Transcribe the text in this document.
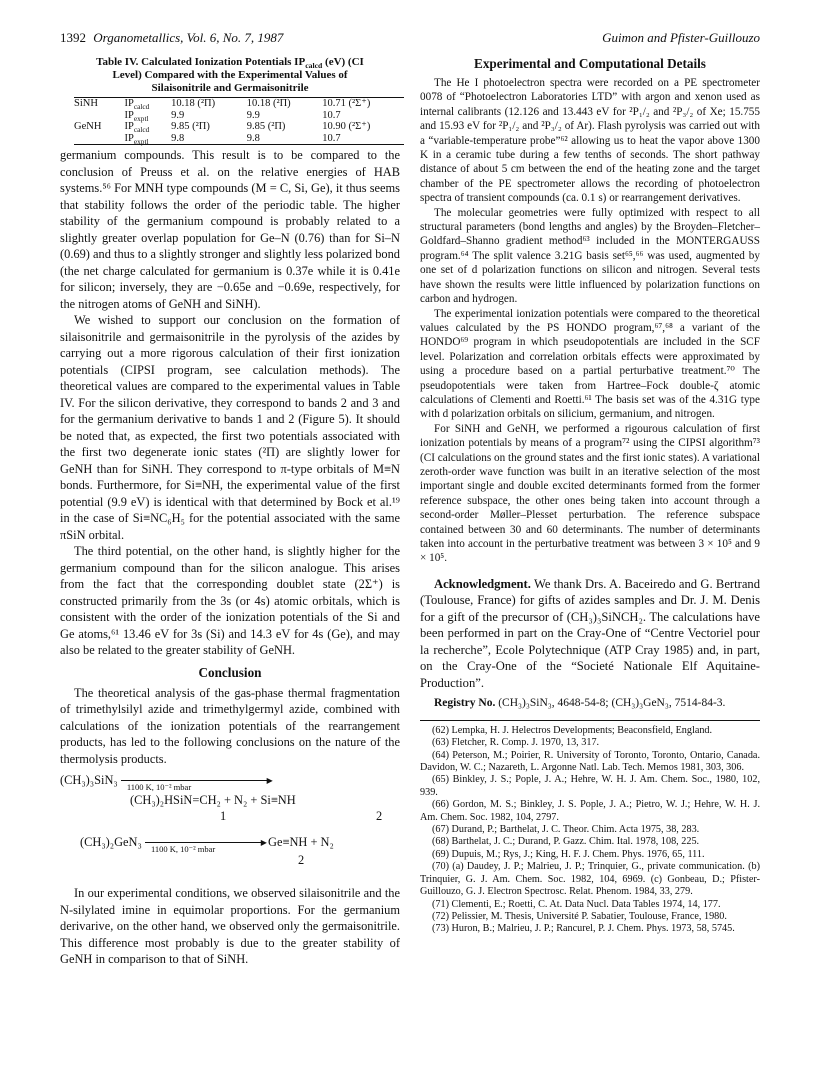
1392 Organometallics, Vol. 6, No. 7, 1987	Guimon and Pfister-Guillouzo
Table IV. Calculated Ionization Potentials $IP_{calcd}$ (eV) (CI
Level) Compared with the Experimental Values of
Silaisonitrile and Germaisonitrile
SiNH	$IP_{calcd}$	10.18 (²Π)	10.18 (²Π)	10.71 (²Σ⁺)
	$IP_{exptl}$	9.9	9.9	10.7
GeNH	$IP_{calcd}$	9.85 (²Π)	9.85 (²Π)	10.90 (²Σ⁺)
	$IP_{exptl}$	9.8	9.8	10.7

germanium compounds. This result is to be compared to the conclusion of Preuss et al. on the relative energies of HAB systems.⁵⁶ For MNH type compounds (M = C, Si, Ge), it thus seems that stability follows the order of the periodic table. The higher stability of the germanium compound is probably related to a slightly greater overlap population for Ge–N (0.76) than for Si–N (0.69) and thus to a slightly stronger and slightly less polarized bond (the net charge calculated for germanium is 0.37e while it is 0.41e for silicon; inversely, they are −0.65e and −0.69e, respectively, for the nitrogen atoms of GeNH and SiNH).

We wished to support our conclusion on the formation of silaisonitrile and germaisonitrile in the pyrolysis of the azides by carrying out a more rigorous calculation of their first ionization potentials (CIPSI program, see calculation methods). The theoretical values are compared to the experimental values in Table IV. For the silicon derivative, they correspond to bands 2 and 3 and for the germanium derivative to bands 1 and 2 (Figure 5). It should be noted that, as expected, the first two potentials associated with the first two degenerate ionic states (²Π) are slightly lower for GeNH than for SiNH. They correspond to π-type orbitals of M≡N bonds. Furthermore, for Si≡NH, the experimental value of the first potential (9.9 eV) is identical with that determined by Bock et al.¹⁹ in the case of Si≡NC₆H₅ for the potential associated with the same πSiN orbital.

The third potential, on the other hand, is slightly higher for the germanium compound than for the silicon analogue. This arises from the fact that the corresponding doublet state (2Σ⁺) is constructed primarily from the 3s (or 4s) atomic orbitals, which is consistent with the order of the ionization potentials of the Si and Ge atoms,⁶¹ 13.46 eV for 3s (Si) and 14.3 eV for 4s (Ge), and may also be related to the greater stability of GeNH.

Conclusion

The theoretical analysis of the gas-phase thermal fragmentation of trimethylsilyl azide and trimethylgermyl azide, combined with calculations of the ionization potentials of the rearrangement products, has led to the following conclusions on the nature of the thermolysis products.

(CH₃)₃SiN₃	▶
1100 K, 10⁻² mbar
(CH₃)₂HSiN=CH₂ + N₂ + Si≡NH
1	2
(CH₃)₂GeN₃	▶
1100 K, 10⁻² mbar
Ge≡NH + N₂
2

In our experimental conditions, we observed silaisonitrile and the N-silylated imine in equimolar proportions. For the germanium derivarive, on the other hand, we observed only the germaisonitrile. This difference most probably is due to the greater stability of GeNH in comparison to that of SiNH.

Experimental and Computational Details

The He I photoelectron spectra were recorded on a PE spectrometer 0078 of “Photoelectron Laboratories LTD” with argon and xenon used as internal calibrants (12.126 and 13.443 eV for ²P₁/₂ and ²P₃/₂ of Xe; 15.755 and 15.93 eV for ²P₁/₂ and ²P₃/₂ of Ar). Flash pyrolysis was carried out with a “variable-temperature probe”⁶² allowing us to heat the vapor above 1300 K in a ceramic tube during a few tenths of seconds. The short pathway distance of about 5 cm between the end of the heating zone and the target chamber of the PE spectrometer allows the recording of photoelectron spectra of transient compounds (ca. 0.1 s) or rearrangement derivatives.

The molecular geometries were fully optimized with respect to all structural parameters (bond lengths and angles) by the Broyden–Fletcher–Goldfard–Shanno gradient method⁶³ included in the MONTERGAUSS program.⁶⁴ The split valence 3.21G basis set⁶⁵,⁶⁶ was used, augmented by one set of d polarization functions on silicon and nitrogen. Several tests have shown the results were little influenced by polarization functions on carbon and hydrogen.

The experimental ionization potentials were compared to the theoretical values calculated by the PS HONDO program,⁶⁷,⁶⁸ a variant of the HONDO⁶⁹ program in which pseudopotentials are included in the SCF level. Polarization and correlation orbitals effects were approximated by using a procedure based on a partial perturbative treatment.⁷⁰ The pseudopotentials were taken from Hartree–Fock double-ζ atomic calculations of Clementi and Roetti.⁶¹ The basis set was of the 4.31G type with d polarization orbitals on silicium, germanium, and nitrogen.

For SiNH and GeNH, we performed a rigourous calculation of first ionization potentials by means of a program⁷² using the CIPSI algorithm⁷³ (CI calculations on the ground states and the first ionic states). A variational zeroth-order wave function was built in an iterative selection of the most important single and double excited determinants formed from the former reference subspace, the other ones being taken into account through a second-order Møller–Plesset perturbation. The reference subspace contained between 30 and 60 determinants. The number of determinants taken into account in the perturbative treatment was between 3 × 10⁵ and 9 × 10⁵.

Acknowledgment. We thank Drs. A. Baceiredo and G. Bertrand (Toulouse, France) for gifts of azides samples and Dr. J. M. Denis for a gift of the precursor of (CH₃)₃SiNCH₂. The calculations have been performed in part on the Cray-One of “Centre Vectoriel pour la recherche”, Ecole Polytechnique (ATP Cray 1985) and, in part, on the Cray-One of the “Societé Nationale Elf Aquitaine-Production”.

Registry No. (CH₃)₃SiN₃, 4648-54-8; (CH₃)₃GeN₃, 7514-84-3.

(62) Lempka, H. J. Helectros Developments; Beaconsfield, England.

(63) Fletcher, R. Comp. J. 1970, 13, 317.

(64) Peterson, M.; Poirier, R. University of Toronto, Toronto, Ontario, Canada. Davidon, W. C.; Nazareth, L. Argonne Natl. Lab. Tech. Memos 1981, 303, 306.

(65) Binkley, J. S.; Pople, J. A.; Hehre, W. H. J. Am. Chem. Soc., 1980, 102, 939.

(66) Gordon, M. S.; Binkley, J. S. Pople, J. A.; Pietro, W. J.; Hehre, W. H. J. Am. Chem. Soc. 1982, 104, 2797.

(67) Durand, P.; Barthelat, J. C. Theor. Chim. Acta 1975, 38, 283.

(68) Barthelat, J. C.; Durand, P. Gazz. Chim. Ital. 1978, 108, 225.

(69) Dupuis, M.; Rys, J.; King, H. F. J. Chem. Phys. 1976, 65, 111.

(70) (a) Daudey, J. P.; Malrieu, J. P.; Trinquier, G., private communication. (b) Trinquier, G. J. Am. Chem. Soc. 1982, 104, 6969. (c) Gonbeau, D.; Pfister-Guillouzo, G. J. Electron Spectrosc. Relat. Phenom. 1984, 33, 279.

(71) Clementi, E.; Roetti, C. At. Data Nucl. Data Tables 1974, 14, 177.

(72) Pelissier, M. Thesis, Université P. Sabatier, Toulouse, France, 1980.

(73) Huron, B.; Malrieu, J. P.; Rancurel, P. J. Chem. Phys. 1973, 58, 5745.
